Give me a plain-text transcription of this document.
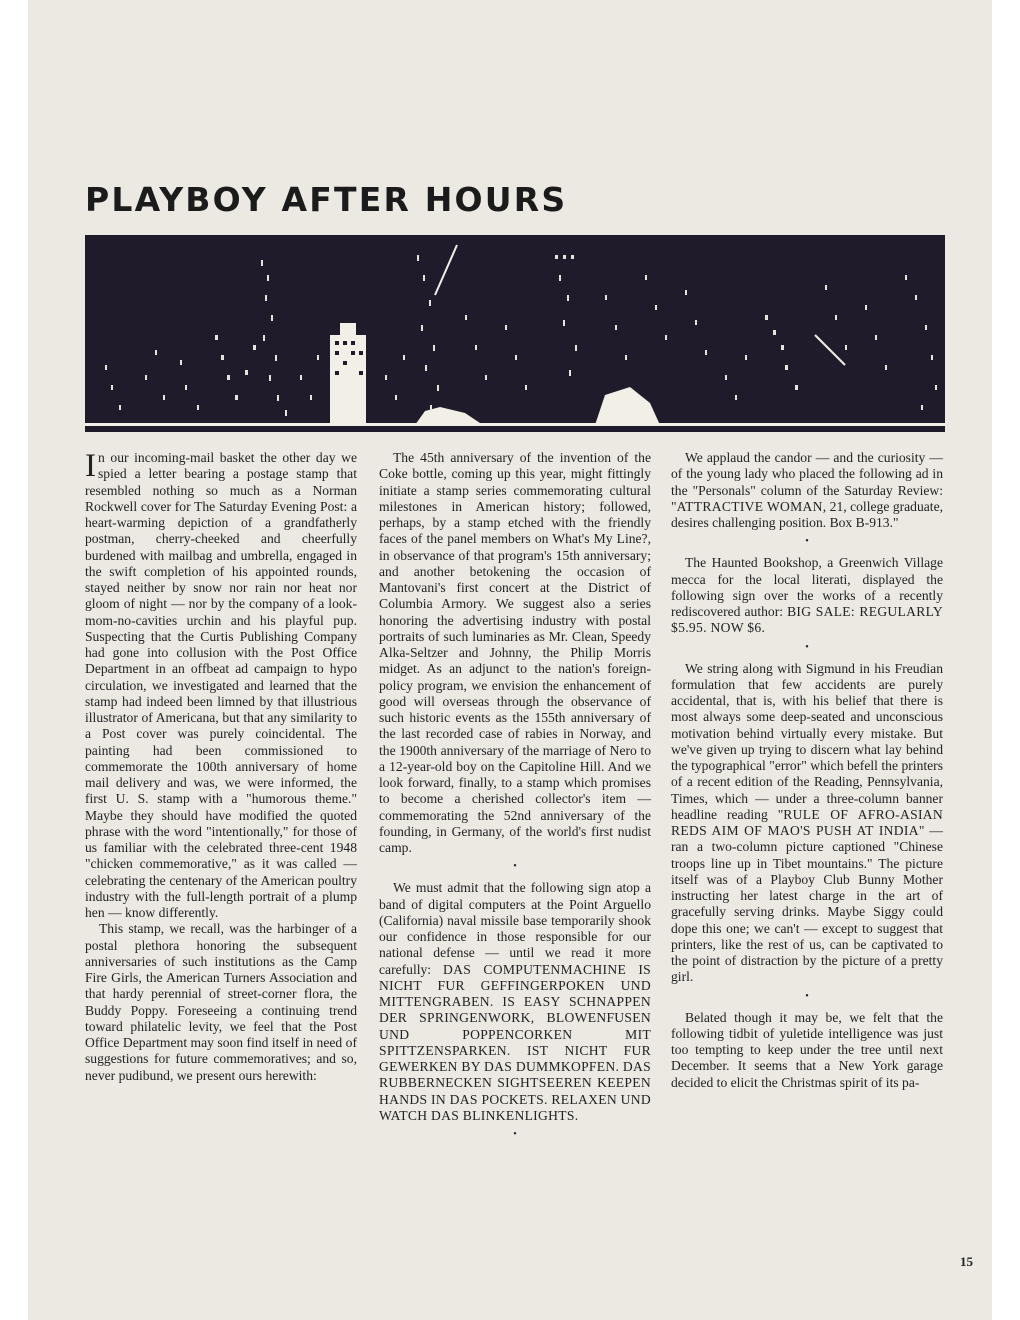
PLAYBOY AFTER HOURS

In our incoming-mail basket the other day we spied a letter bearing a postage stamp that resembled nothing so much as a Norman Rockwell cover for The Saturday Evening Post: a heart-warming depiction of a grandfatherly postman, cherry-cheeked and cheerfully burdened with mailbag and umbrella, engaged in the swift completion of his appointed rounds, stayed neither by snow nor rain nor heat nor gloom of night — nor by the company of a look-mom-no-cavities urchin and his playful pup. Suspecting that the Curtis Publishing Company had gone into collusion with the Post Office Department in an offbeat ad campaign to hypo circulation, we investigated and learned that the stamp had indeed been limned by that illustrious illustrator of Americana, but that any similarity to a Post cover was purely coincidental. The painting had been commissioned to commemorate the 100th anniversary of home mail delivery and was, we were informed, the first U. S. stamp with a "humorous theme." Maybe they should have modified the quoted phrase with the word "intentionally," for those of us familiar with the celebrated three-cent 1948 "chicken commemorative," as it was called — celebrating the centenary of the American poultry industry with the full-length portrait of a plump hen — know differently.

This stamp, we recall, was the harbinger of a postal plethora honoring the subsequent anniversaries of such institutions as the Camp Fire Girls, the American Turners Association and that hardy perennial of street-corner flora, the Buddy Poppy. Foreseeing a continuing trend toward philatelic levity, we feel that the Post Office Department may soon find itself in need of suggestions for future commemoratives; and so, never pudibund, we present ours herewith:

The 45th anniversary of the invention of the Coke bottle, coming up this year, might fittingly initiate a stamp series commemorating cultural milestones in American history; followed, perhaps, by a stamp etched with the friendly faces of the panel members on What's My Line?, in observance of that program's 15th anniversary; and another betokening the occasion of Mantovani's first concert at the District of Columbia Armory. We suggest also a series honoring the advertising industry with postal portraits of such luminaries as Mr. Clean, Speedy Alka-Seltzer and Johnny, the Philip Morris midget. As an adjunct to the nation's foreign-policy program, we envision the enhancement of good will overseas through the observance of such historic events as the 155th anniversary of the last recorded case of rabies in Norway, and the 1900th anniversary of the marriage of Nero to a 12-year-old boy on the Capitoline Hill. And we look forward, finally, to a stamp which promises to become a cherished collector's item — commemorating the 52nd anniversary of the founding, in Germany, of the world's first nudist camp.

•

We must admit that the following sign atop a band of digital computers at the Point Arguello (California) naval missile base temporarily shook our confidence in those responsible for our national defense — until we read it more carefully: DAS COMPUTENMACHINE IS NICHT FUR GEFFINGERPOKEN UND MITTENGRABEN. IS EASY SCHNAPPEN DER SPRINGENWORK, BLOWENFUSEN UND POPPENCORKEN MIT SPITTZENSPARKEN. IST NICHT FUR GEWERKEN BY DAS DUMMKOPFEN. DAS RUBBERNECKEN SIGHTSEEREN KEEPEN HANDS IN DAS POCKETS. RELAXEN UND WATCH DAS BLINKENLIGHTS.

•

We applaud the candor — and the curiosity — of the young lady who placed the following ad in the "Personals" column of the Saturday Review: "ATTRACTIVE WOMAN, 21, college graduate, desires challenging position. Box B-913."

•

The Haunted Bookshop, a Greenwich Village mecca for the local literati, displayed the following sign over the works of a recently rediscovered author: BIG SALE: REGULARLY $5.95. NOW $6.

•

We string along with Sigmund in his Freudian formulation that few accidents are purely accidental, that is, with his belief that there is most always some deep-seated and unconscious motivation behind virtually every mistake. But we've given up trying to discern what lay behind the typographical "error" which befell the printers of a recent edition of the Reading, Pennsylvania, Times, which — under a three-column banner headline reading "RULE OF AFRO-ASIAN REDS AIM OF MAO'S PUSH AT INDIA" — ran a two-column picture captioned "Chinese troops line up in Tibet mountains." The picture itself was of a Playboy Club Bunny Mother instructing her latest charge in the art of gracefully serving drinks. Maybe Siggy could dope this one; we can't — except to suggest that printers, like the rest of us, can be captivated to the point of distraction by the picture of a pretty girl.

•

Belated though it may be, we felt that the following tidbit of yuletide intelligence was just too tempting to keep under the tree until next December. It seems that a New York garage decided to elicit the Christmas spirit of its pa-

15
